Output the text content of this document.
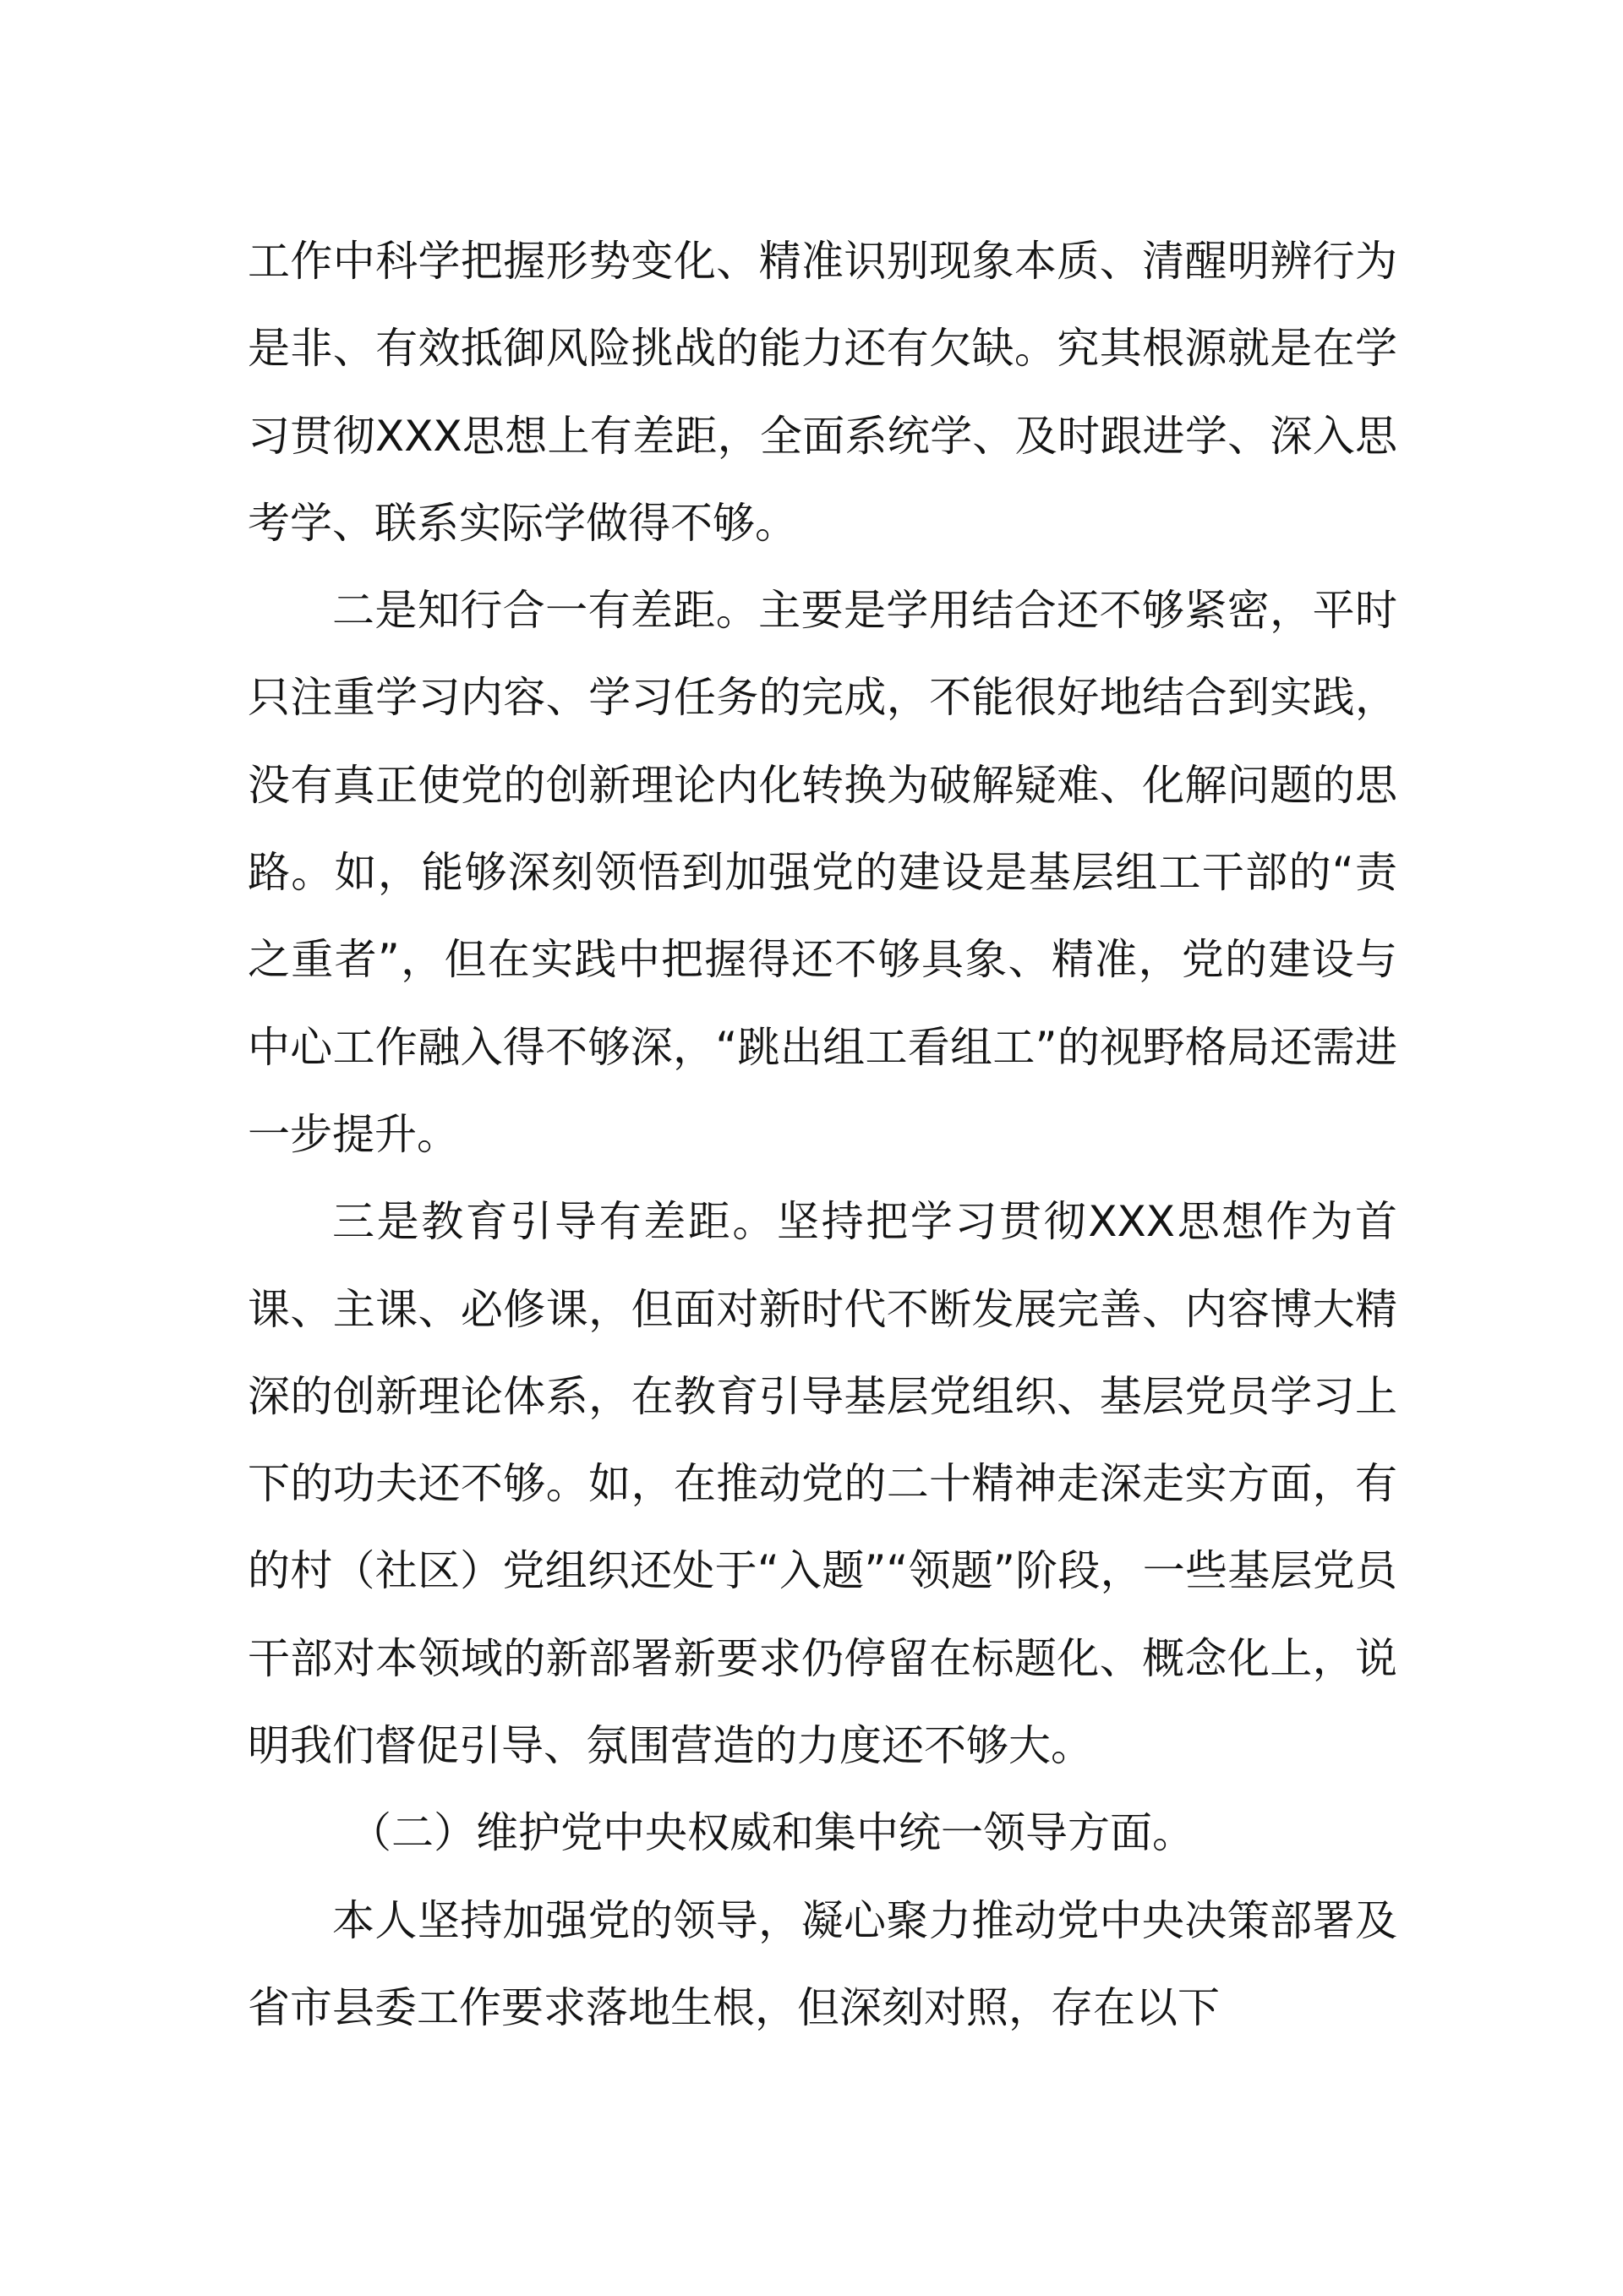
工作中科学把握形势变化、精准识别现象本质、清醒明辨行为是非、有效抵御风险挑战的能力还有欠缺。究其根源就是在学习贯彻XXX思想上有差距，全面系统学、及时跟进学、深入思考学、联系实际学做得不够。

二是知行合一有差距。主要是学用结合还不够紧密，平时只注重学习内容、学习任务的完成，不能很好地结合到实践，没有真正使党的创新理论内化转换为破解疑难、化解问题的思路。如，能够深刻领悟到加强党的建设是基层组工干部的“责之重者”，但在实践中把握得还不够具象、精准，党的建设与中心工作融入得不够深，“跳出组工看组工”的视野格局还需进一步提升。

三是教育引导有差距。坚持把学习贯彻XXX思想作为首课、主课、必修课，但面对新时代不断发展完善、内容博大精深的创新理论体系，在教育引导基层党组织、基层党员学习上下的功夫还不够。如，在推动党的二十精神走深走实方面，有的村（社区）党组织还处于“入题”“领题”阶段，一些基层党员干部对本领域的新部署新要求仍停留在标题化、概念化上，说明我们督促引导、氛围营造的力度还不够大。

（二）维护党中央权威和集中统一领导方面。

本人坚持加强党的领导，凝心聚力推动党中央决策部署及省市县委工作要求落地生根，但深刻对照，存在以下
